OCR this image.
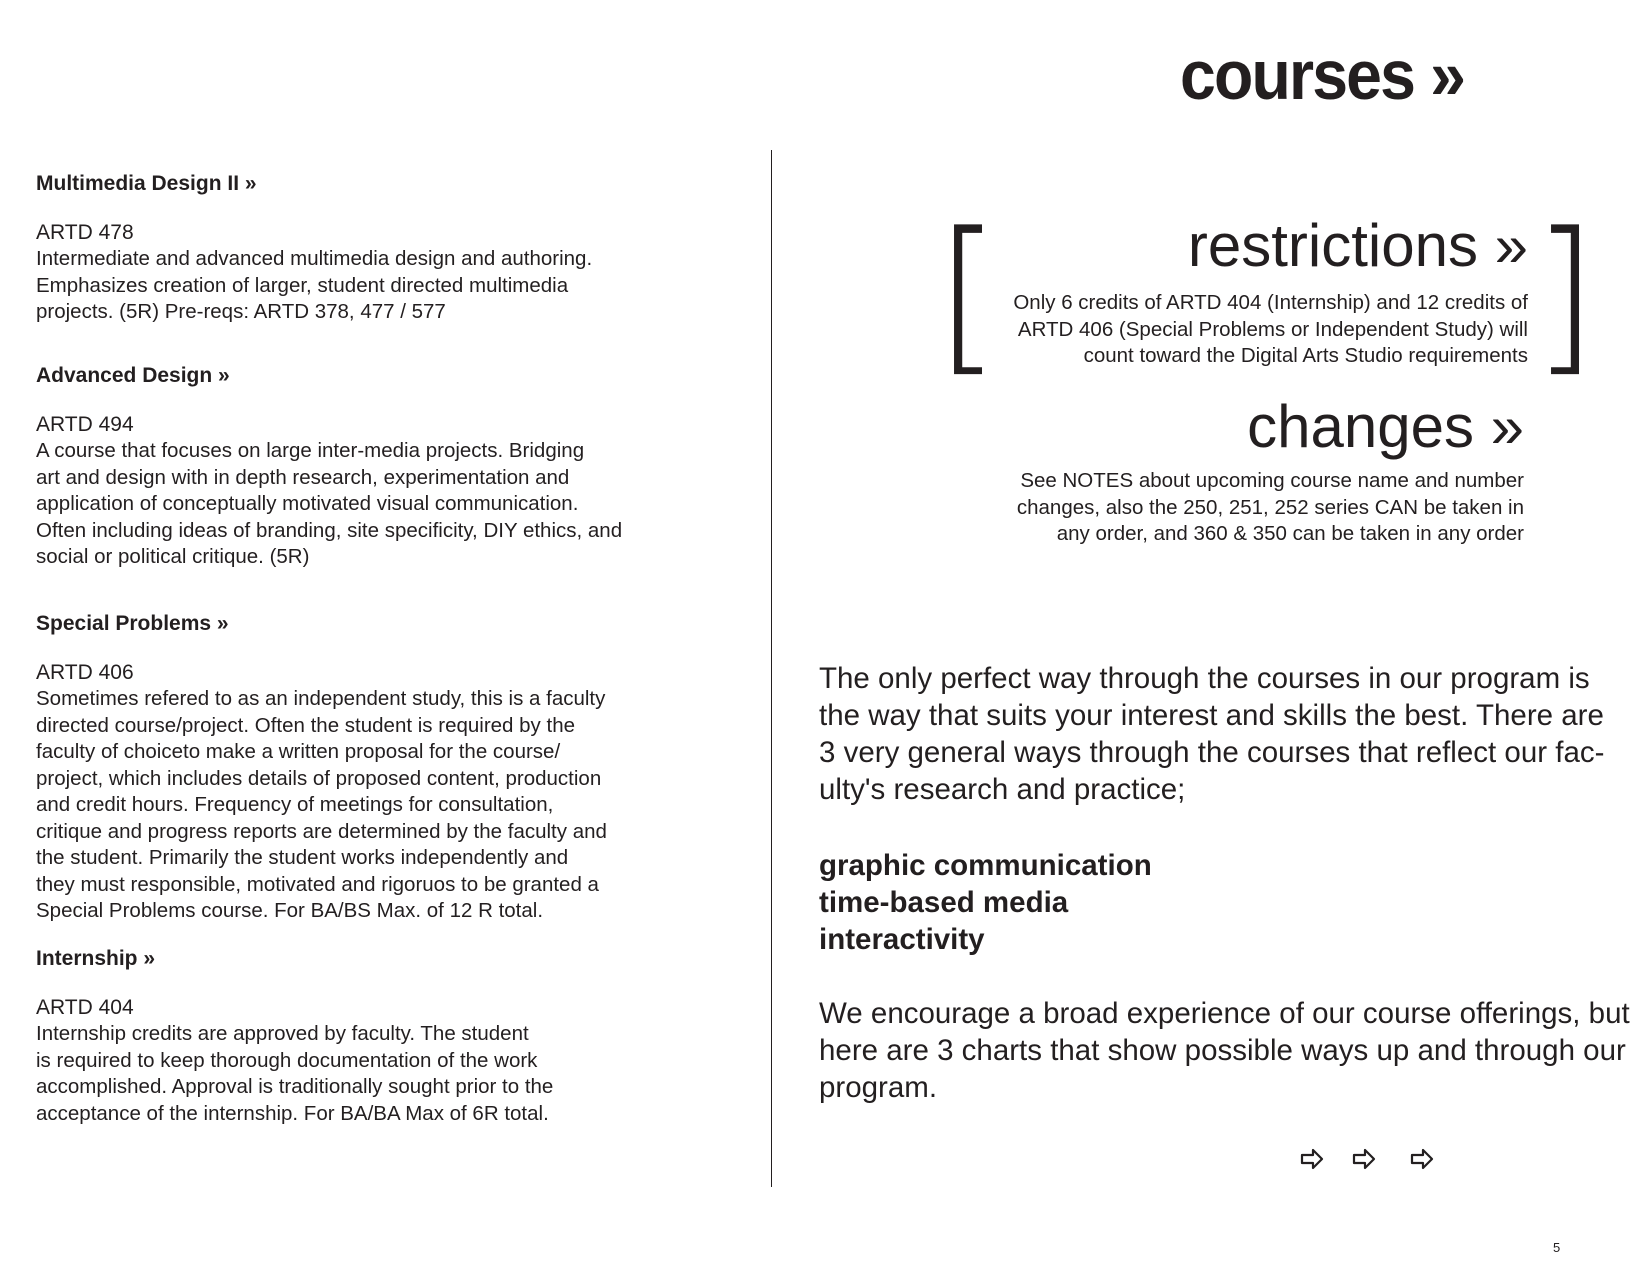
courses »

Multimedia Design II »

ARTD 478

Intermediate and advanced multimedia design and authoring.
Emphasizes creation of larger, student directed multimedia
projects. (5R) Pre-reqs: ARTD 378, 477 / 577

Advanced Design »

ARTD 494

A course that focuses on large inter-media projects. Bridging
art and design with in depth research, experimentation and
application of conceptually motivated visual communication.
Often including ideas of branding, site specificity, DIY ethics, and
social or political critique. (5R)

Special Problems »

ARTD 406

Sometimes refered to as an independent study, this is a faculty
directed course/project. Often the student is required by the
faculty of choiceto make a written proposal for the course/
project, which includes details of proposed content, production
and credit hours. Frequency of meetings for consultation,
critique and progress reports are determined by the faculty and
the student. Primarily the student works independently and
they must responsible, motivated and rigoruos to be granted a
Special Problems course. For BA/BS Max. of 12 R total.

Internship »

ARTD 404

Internship credits are approved by faculty. The student
is required to keep thorough documentation of the work
accomplished. Approval is traditionally sought prior to the
acceptance of the internship. For BA/BA Max of 6R total.

[	]
restrictions »
Only 6 credits of ARTD 404 (Internship) and 12 credits of
ARTD 406 (Special Problems or Independent Study) will
count toward the Digital Arts Studio requirements
changes »
See NOTES about upcoming course name and number
changes, also the 250, 251, 252 series CAN be taken in
any order, and 360 & 350 can be taken in any order
The only perfect way through the courses in our program is
the way that suits your interest and skills the best. There are
3 very general ways through the courses that reflect our fac-
ulty's research and practice;
graphic communication
time-based media
interactivity
We encourage a broad experience of our course offerings, but
here are 3 charts that show possible ways up and through our
program.
5
